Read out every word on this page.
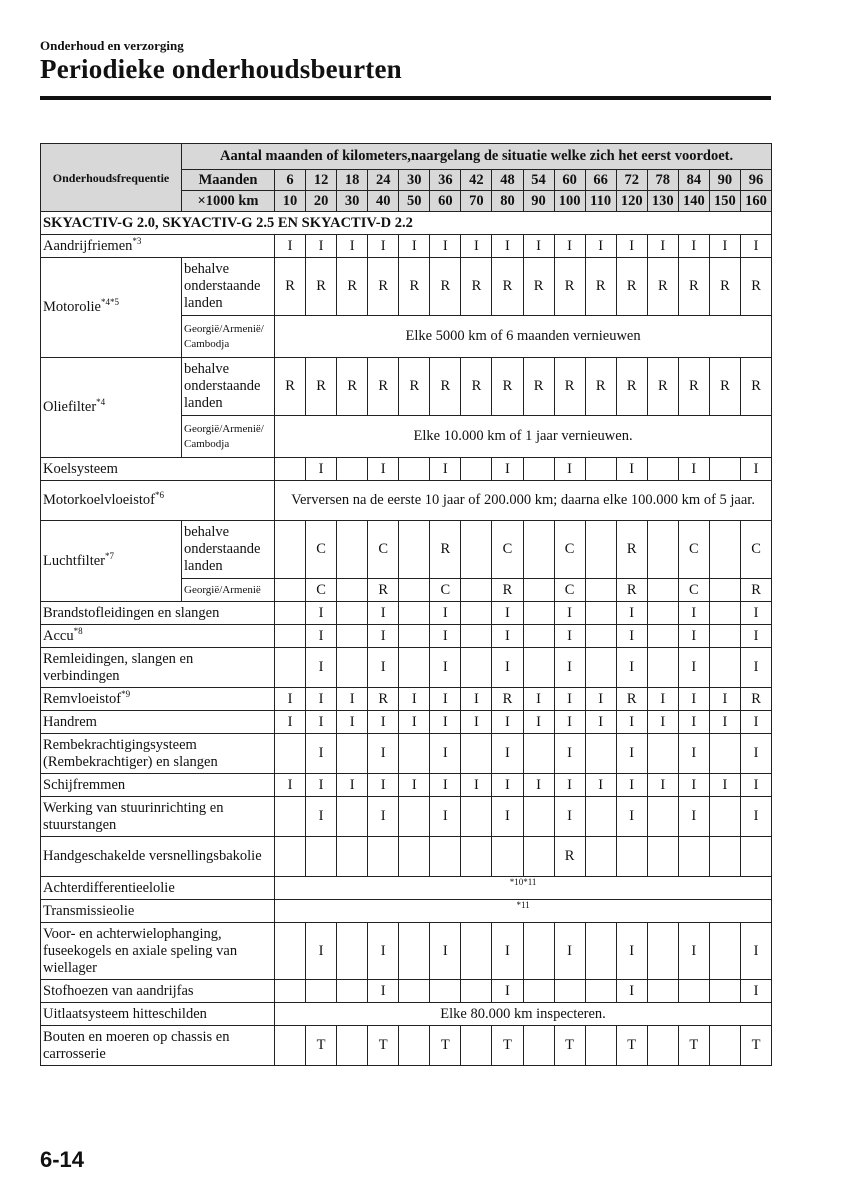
Onderhoud en verzorging
Periodieke onderhoudsbeurten
Onderhoudsfrequentie	Aantal maanden of kilometers,naargelang de situatie welke zich het eerst voordoet.																
	Maanden	6	12	18	24	30	36	42	48	54	60	66	72	78	84	90	96
	×1000 km	10	20	30	40	50	60	70	80	90	100	110	120	130	140	150	160
SKYACTIV-G 2.0, SKYACTIV-G 2.5 EN SKYACTIV-D 2.2																	
Aandrijfriemen$^{*3}$		I	I	I	I	I	I	I	I	I	I	I	I	I	I	I	I
Motorolie$^{*4*5}$	behalve onderstaande landen	R	R	R	R	R	R	R	R	R	R	R	R	R	R	R	R
	Georgië/Armenië/ Cambodja	Elke 5000 km of 6 maanden vernieuwen															
Oliefilter$^{*4}$	behalve onderstaande landen	R	R	R	R	R	R	R	R	R	R	R	R	R	R	R	R
	Georgië/Armenië/ Cambodja	Elke 10.000 km of 1 jaar vernieuwen.															
Koelsysteem			I		I		I		I		I		I		I		I
Motorkoelvloeistof$^{*6}$		Verversen na de eerste 10 jaar of 200.000 km; daarna elke 100.000 km of 5 jaar.															
Luchtfilter$^{*7}$	behalve onderstaande landen		C		C		R		C		C		R		C		C
	Georgië/Armenië		C		R		C		R		C		R		C		R
Brandstofleidingen en slangen			I		I		I		I		I		I		I		I
Accu$^{*8}$			I		I		I		I		I		I		I		I
Remleidingen, slangen en verbindingen			I		I		I		I		I		I		I		I
Remvloeistof$^{*9}$		I	I	I	R	I	I	I	R	I	I	I	R	I	I	I	R
Handrem		I	I	I	I	I	I	I	I	I	I	I	I	I	I	I	I
Rembekrachtigingsysteem (Rembekrachtiger) en slangen			I		I		I		I		I		I		I		I
Schijfremmen		I	I	I	I	I	I	I	I	I	I	I	I	I	I	I	I
Werking van stuurinrichting en stuurstangen			I		I		I		I		I		I		I		I
Handgeschakelde versnellingsbakolie											R						
Achterdifferentieelolie		*10*11															
Transmissieolie		*11															
Voor- en achterwielophanging, fuseekogels en axiale speling van wiellager			I		I		I		I		I		I		I		I
Stofhoezen van aandrijfas					I				I				I				I
Uitlaatsysteem hitteschilden		Elke 80.000 km inspecteren.															
Bouten en moeren op chassis en carrosserie			T		T		T		T		T		T		T		T
6-14
